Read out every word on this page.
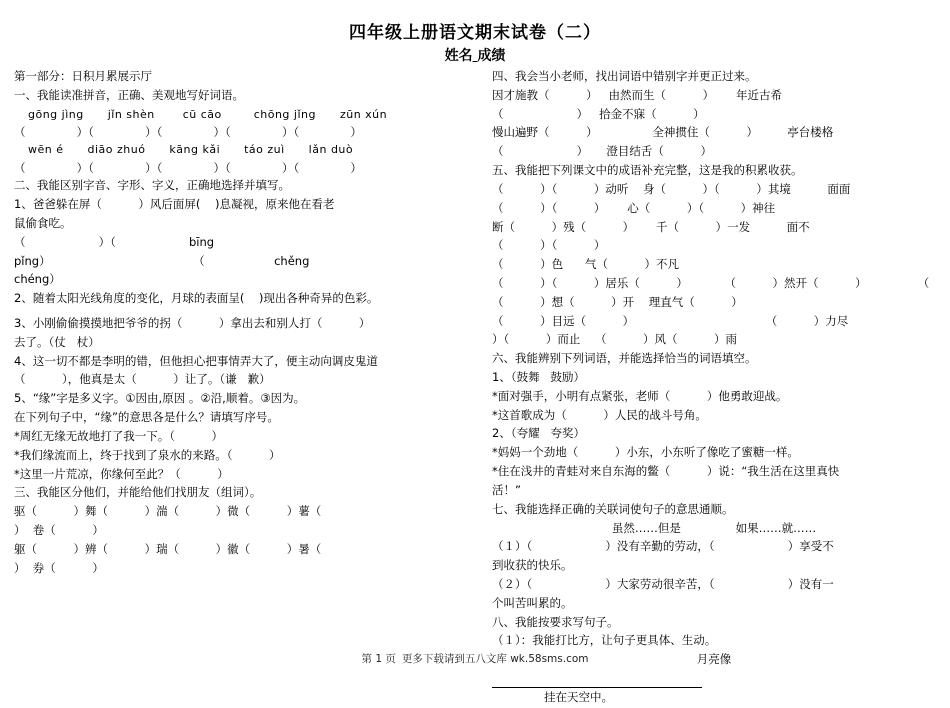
四年级上册语文期末试卷（二）
姓名 成绩

第一部分：日积月累展示厅

一、我能读准拼音，正确、美观地写好词语。

gōng jìng      jǐn shèn       cū cāo        chōng jǐng      zūn xún

（              ）（              ）（              ）（              ）（              ）

wēn é      diāo zhuó      kāng kǎi      táo zuì      lǎn duò

（              ）（              ）（              ）（              ）（              ）

二、我能区别字音、字形、字义，正确地选择并填写。

1、爸爸躲在屏（          ）风后面屏(    )息凝视，原来他在看老

鼠偷食吃。

（                    ）（                    bīng

pǐng）                                       （                   chěng

chéng）

2、随着太阳光线角度的变化，月球的表面呈(    )现出各种奇异的色彩。

3、小刚偷偷摸摸地把爷爷的拐（          ）拿出去和别人打（          ）

去了。（仗   杖）

4、这一切不都是李明的错，但他担心把事情弄大了，便主动向调皮鬼道

（          ），他真是太（          ）让了。（谦   歉）

5、“缘”字是多义字。①因由,原因 。②沿,顺着。③因为。

在下列句子中，“缘”的意思各是什么？请填写序号。

*周红无缘无故地打了我一下。（          ）

*我们缘流而上，终于找到了泉水的来路。（          ）

*这里一片荒凉，你缘何至此？（          ）

三、我能区分他们，并能给他们找朋友（组词）。

驱（          ）舞（          ）湍（          ）微（          ）薯（

）  卷（          ）

躯（          ）辨（          ）瑞（          ）徽（          ）暑（

）  券（          ）

四、我会当小老师，找出词语中错别字并更正过来。

因才施教（          ）   由然而生（          ）      年近古希

（                    ）   拾金不寐（          ）

慢山遍野（          ）               全神掼住（          ）        亭台楼格

（                    ）     澄目结舌（          ）

五、我能把下列课文中的成语补充完整，这是我的积累收获。

（          ）（          ）动听    身（          ）（          ）其境          面面

（          ）（          ）      心（          ）（          ）神往

断（          ）残（          ）      千（          ）一发          面不

（          ）（          ）

（          ）色      气（          ）不凡

（          ）（          ）居乐（          ）          （          ）然开（          ）              （

（          ）想（          ）开    理直气（          ）

（          ）目远（          ）                                    （          ）力尽

）（          ）而止    （          ）风（          ）雨

六、我能辨别下列词语，并能选择恰当的词语填空。

1、（鼓舞   鼓励）

*面对强手，小明有点紧张，老师（          ）他勇敢迎战。

*这首歌成为（          ）人民的战斗号角。

2、（夸耀   夸奖）

*妈妈一个劲地（          ）小东，小东听了像吃了蜜糖一样。

*住在浅井的青蛙对来自东海的鳖（          ）说：“我生活在这里真快

活！”

七、我能选择正确的关联词使句子的意思通顺。

虽然……但是               如果……就……

（１）（                    ）没有辛勤的劳动，（                    ）享受不

到收获的快乐。

（２）（                    ）大家劳动很辛苦，（                    ）没有一

个叫苦叫累的。

八、我能按要求写句子。

（１）：我能打比方，让句子更具体、生动。

月亮像

挂在天空中。

第 1 页 更多下载请到五八文库 wk.58sms.com
